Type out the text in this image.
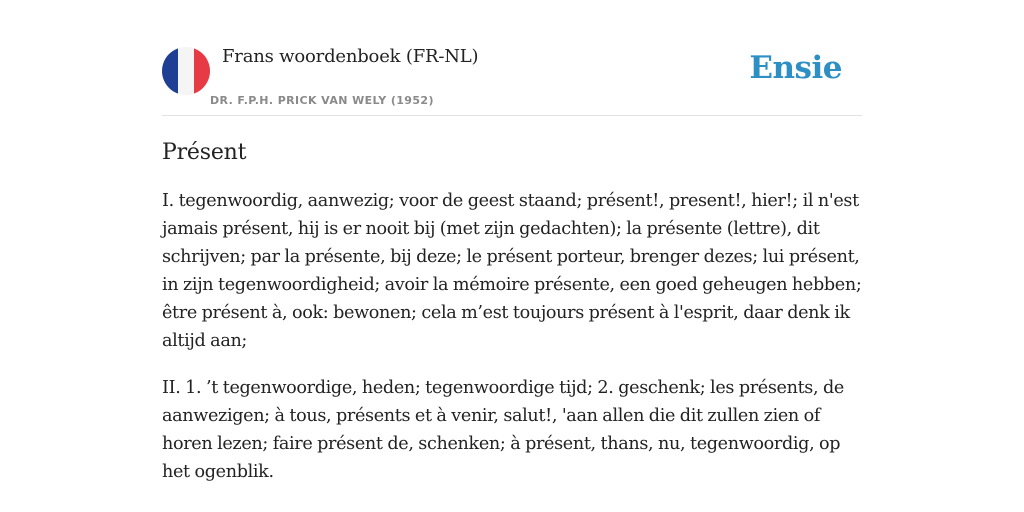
Frans woordenboek (FR-NL)
DR. F.P.H. PRICK VAN WELY (1952)
Ensie
Présent

I. tegenwoordig, aanwezig; voor de geest staand; présent!, present!, hier!; il n'est jamais présent, hij is er nooit bij (met zijn gedachten); la présente (lettre), dit schrijven; par la présente, bij deze; le présent porteur, brenger dezes; lui présent, in zijn tegenwoordigheid; avoir la mémoire présente, een goed geheugen hebben; être présent à, ook: bewonen; cela m’est toujours présent à l'esprit, daar denk ik altijd aan;

II. 1. ’t tegenwoordige, heden; tegenwoordige tijd; 2. geschenk; les présents, de aanwezigen; à tous, présents et à venir, salut!, 'aan allen die dit zullen zien of horen lezen; faire présent de, schenken; à présent, thans, nu, tegenwoordig, op het ogenblik.
